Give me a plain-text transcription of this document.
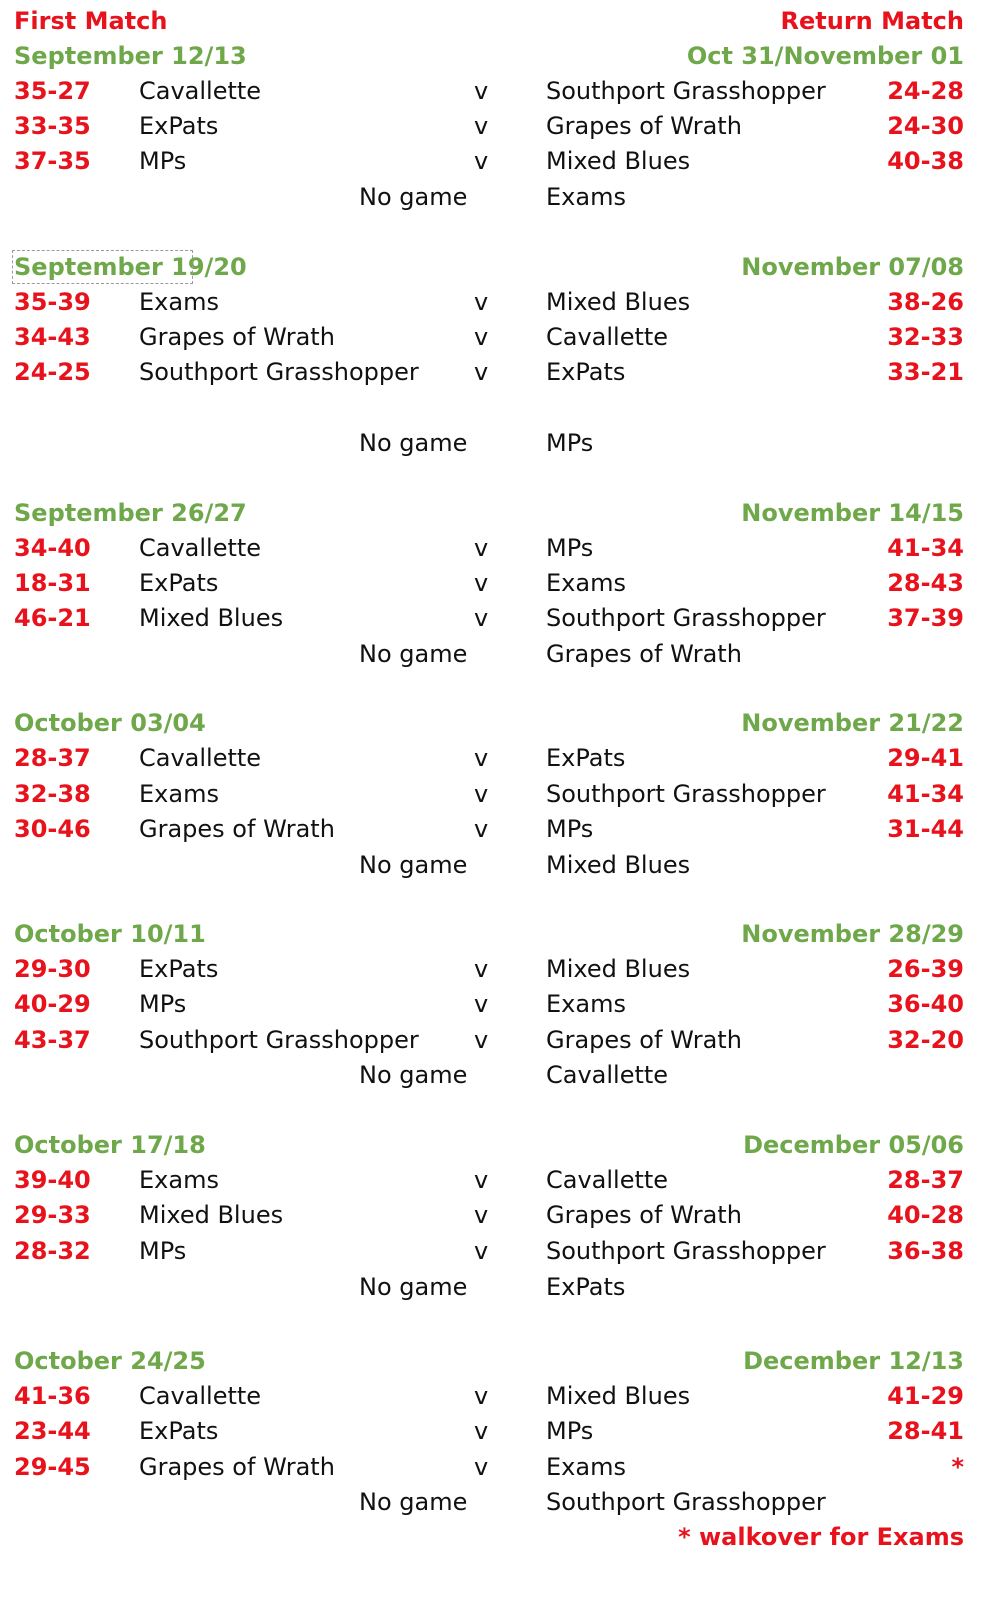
First Match	Return Match
September 12/13	Oct 31/November 01
35-27 Cavallette	v Southport Grasshopper	24-28
33-35 ExPats	v Grapes of Wrath	24-30
37-35 MPs	v Mixed Blues	40-38
No game	Exams
September 19/20	November 07/08
35-39 Exams	v Mixed Blues	38-26
34-43 Grapes of Wrath	v Cavallette	32-33
24-25 Southport Grasshopper v ExPats	33-21
No game	MPs
September 26/27	November 14/15
34-40 Cavallette	v MPs	41-34
18-31 ExPats	v Exams	28-43
46-21 Mixed Blues	v Southport Grasshopper	37-39
No game	Grapes of Wrath
October 03/04	November 21/22
28-37 Cavallette	v ExPats	29-41
32-38 Exams	v Southport Grasshopper	41-34
30-46 Grapes of Wrath	v MPs	31-44
No game	Mixed Blues
October 10/11	November 28/29
29-30 ExPats	v Mixed Blues	26-39
40-29 MPs	v Exams	36-40
43-37 Southport Grasshopper v Grapes of Wrath	32-20
No game	Cavallette
October 17/18	December 05/06
39-40 Exams	v Cavallette	28-37
29-33 Mixed Blues	v Grapes of Wrath	40-28
28-32 MPs	v Southport Grasshopper	36-38
No game	ExPats
October 24/25	December 12/13
41-36 Cavallette	v Mixed Blues	41-29
23-44 ExPats	v MPs	28-41
29-45 Grapes of Wrath	v Exams	*
No game	Southport Grasshopper
* walkover for Exams
